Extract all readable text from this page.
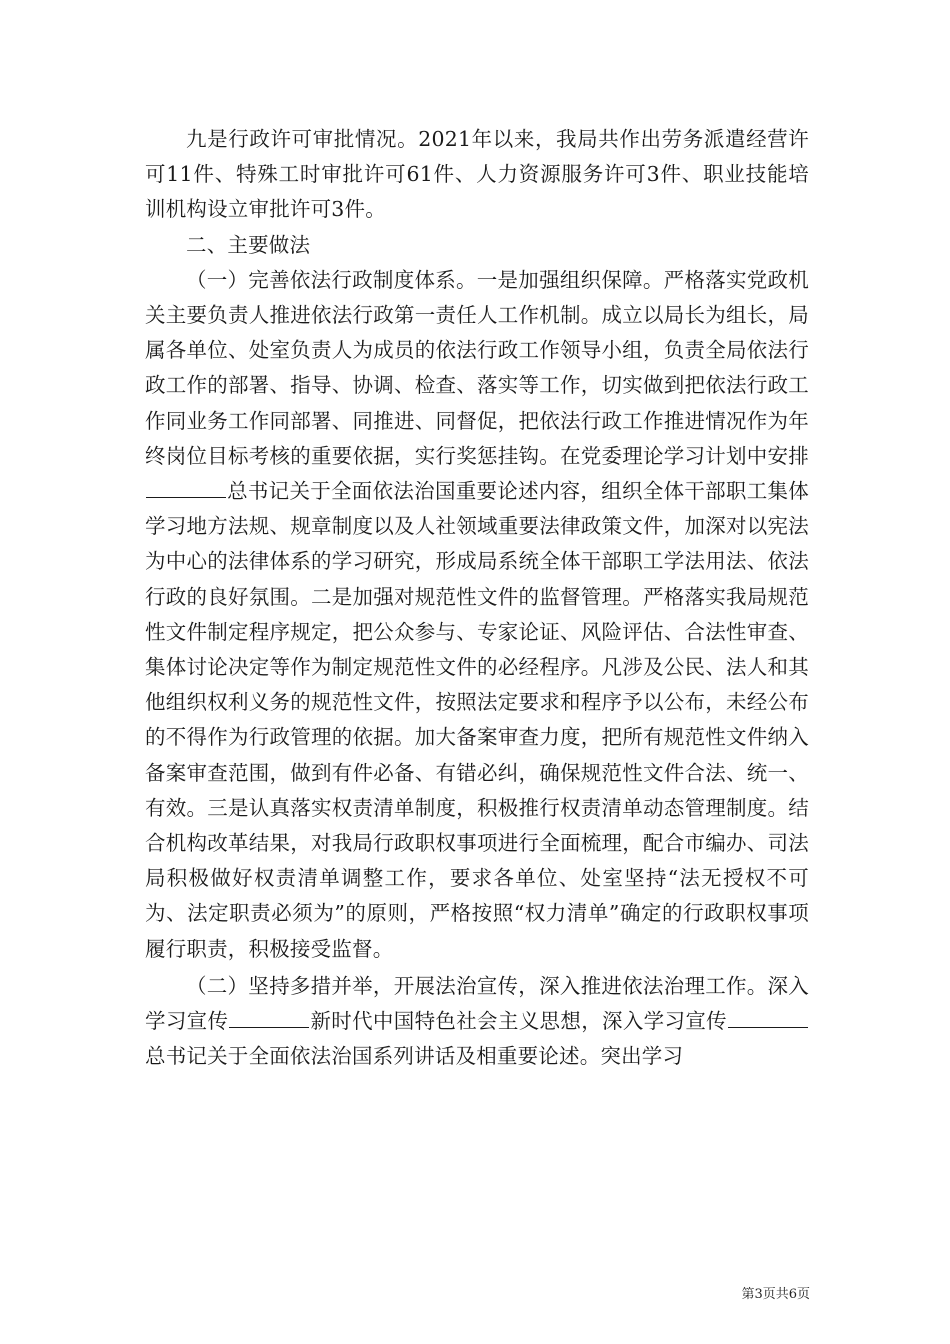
九是行政许可审批情况。2021年以来，我局共作出劳务派遣经营许可11件、特殊工时审批许可61件、人力资源服务许可3件、职业技能培训机构设立审批许可3件。

二、主要做法

（一）完善依法行政制度体系。一是加强组织保障。严格落实党政机关主要负责人推进依法行政第一责任人工作机制。成立以局长为组长，局属各单位、处室负责人为成员的依法行政工作领导小组，负责全局依法行政工作的部署、指导、协调、检查、落实等工作，切实做到把依法行政工作同业务工作同部署、同推进、同督促，把依法行政工作推进情况作为年终岗位目标考核的重要依据，实行奖惩挂钩。在党委理论学习计划中安排总书记关于全面依法治国重要论述内容，组织全体干部职工集体学习地方法规、规章制度以及人社领域重要法律政策文件，加深对以宪法为中心的法律体系的学习研究，形成局系统全体干部职工学法用法、依法行政的良好氛围。二是加强对规范性文件的监督管理。严格落实我局规范性文件制定程序规定，把公众参与、专家论证、风险评估、合法性审查、集体讨论决定等作为制定规范性文件的必经程序。凡涉及公民、法人和其他组织权利义务的规范性文件，按照法定要求和程序予以公布，未经公布的不得作为行政管理的依据。加大备案审查力度，把所有规范性文件纳入备案审查范围，做到有件必备、有错必纠，确保规范性文件合法、统一、有效。三是认真落实权责清单制度，积极推行权责清单动态管理制度。结合机构改革结果，对我局行政职权事项进行全面梳理，配合市编办、司法局积极做好权责清单调整工作，要求各单位、处室坚持“法无授权不可为、法定职责必须为”的原则，严格按照“权力清单”确定的行政职权事项履行职责，积极接受监督。

（二）坚持多措并举，开展法治宣传，深入推进依法治理工作。深入学习宣传	新时代中国特色社会主义思想，深入学习宣传总书记关于全面依法治国系列讲话及相重要论述。突出学习

第3页共6页
